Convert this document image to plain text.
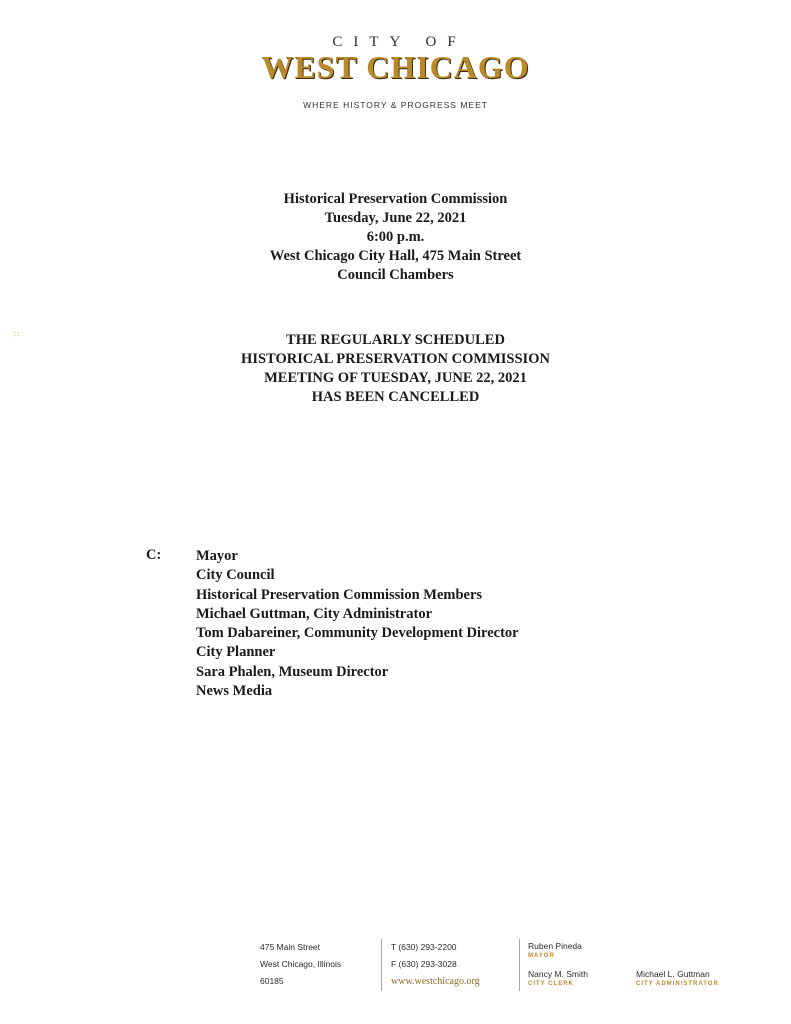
CITY OF
WEST CHICAGO
WHERE HISTORY & PROGRESS MEET
Historical Preservation Commission
Tuesday, June 22, 2021
6:00 p.m.
West Chicago City Hall, 475 Main Street
Council Chambers
∷	THE REGULARLY SCHEDULED
HISTORICAL PRESERVATION COMMISSION
MEETING OF TUESDAY, JUNE 22, 2021
HAS BEEN CANCELLED
C: Mayor
City Council
Historical Preservation Commission Members
Michael Guttman, City Administrator
Tom Dabareiner, Community Development Director
City Planner
Sara Phalen, Museum Director
News Media
475 Main Street
West Chicago, Illinois
60185
T (630) 293-2200
F (630) 293-3028
www.westchicago.org
Ruben Pineda
MAYOR
Nancy M. Smith
CITY CLERK
Michael L. Guttman
CITY ADMINISTRATOR
